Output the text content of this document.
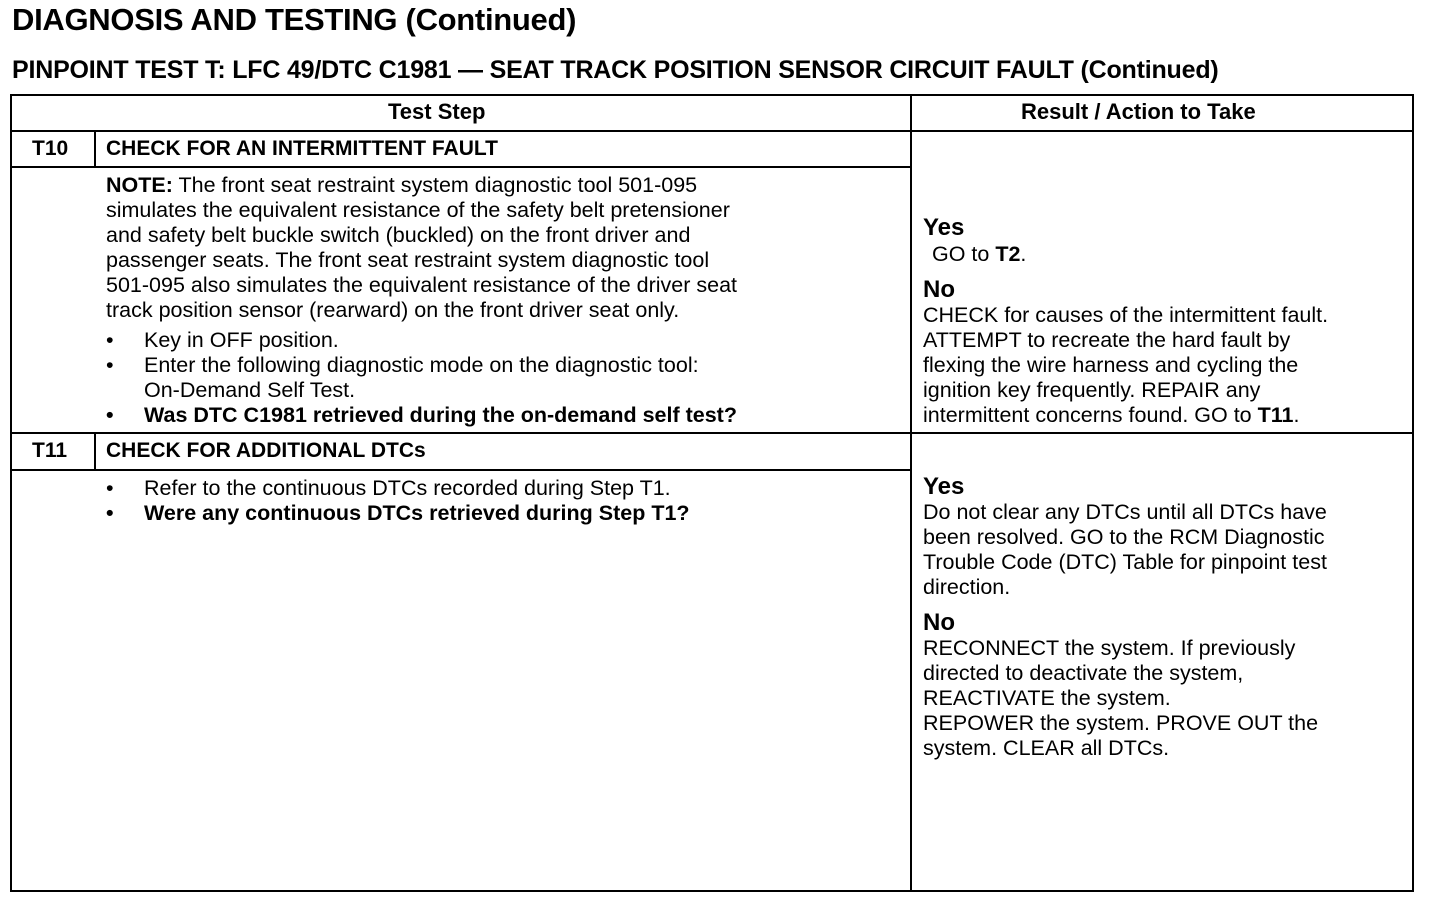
DIAGNOSIS AND TESTING (Continued)
PINPOINT TEST T: LFC 49/DTC C1981 — SEAT TRACK POSITION SENSOR CIRCUIT FAULT (Continued)
Test Step	Result / Action to Take
T10 CHECK FOR AN INTERMITTENT FAULT
NOTE: The front seat restraint system diagnostic tool 501-095
simulates the equivalent resistance of the safety belt pretensioner
and safety belt buckle switch (buckled) on the front driver and
passenger seats. The front seat restraint system diagnostic tool
501-095 also simulates the equivalent resistance of the driver seat
track position sensor (rearward) on the front driver seat only.
• Key in OFF position.
• Enter the following diagnostic mode on the diagnostic tool:
On-Demand Self Test.
• Was DTC C1981 retrieved during the on-demand self test?
Yes
GO to T2.
No
CHECK for causes of the intermittent fault.
ATTEMPT to recreate the hard fault by
flexing the wire harness and cycling the
ignition key frequently. REPAIR any
intermittent concerns found. GO to T11.
T11 CHECK FOR ADDITIONAL DTCs
• Refer to the continuous DTCs recorded during Step T1.
• Were any continuous DTCs retrieved during Step T1?
Yes
Do not clear any DTCs until all DTCs have
been resolved. GO to the RCM Diagnostic
Trouble Code (DTC) Table for pinpoint test
direction.
No
RECONNECT the system. If previously
directed to deactivate the system,
REACTIVATE the system.
REPOWER the system. PROVE OUT the
system. CLEAR all DTCs.
